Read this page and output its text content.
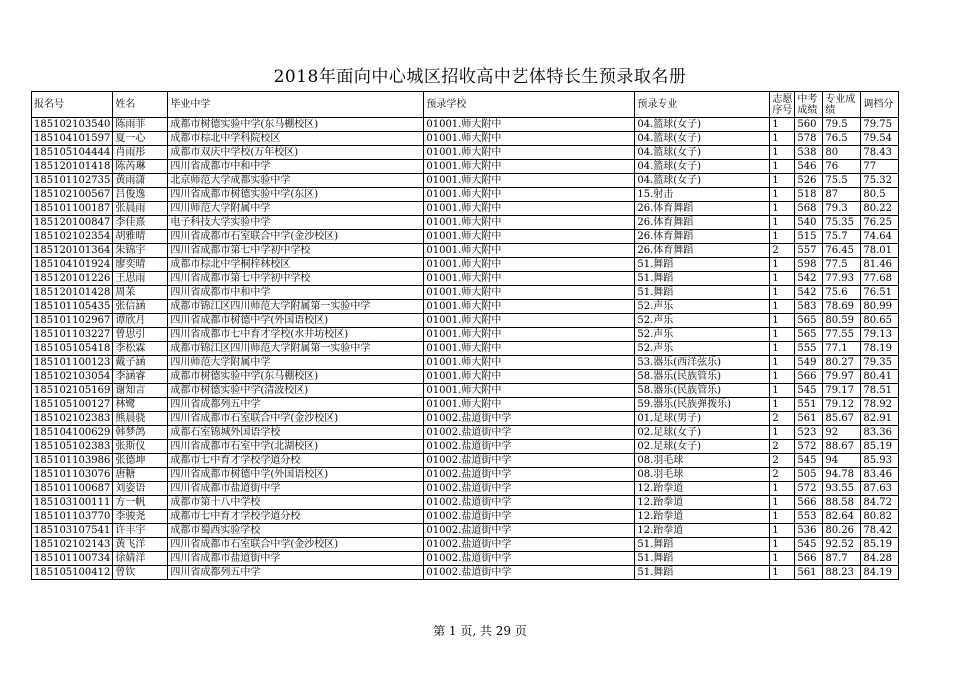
2018年面向中心城区招收高中艺体特长生预录取名册
报名号	姓名	毕业中学	预录学校	预录专业	志愿序号	中考成绩	专业成绩	调档分
185102103540	陈雨菲	成都市树德实验中学(东马棚校区)	01001.师大附中	04.篮球(女子)	1	560	79.5	79.75
185104101597	夏一心	成都市棕北中学科院校区	01001.师大附中	04.篮球(女子)	1	578	76.5	79.54
185105104444	肖雨彤	成都市双庆中学校(万年校区)	01001.师大附中	04.篮球(女子)	1	538	80	78.43
185120101418	陈芮琳	四川省成都市中和中学	01001.师大附中	04.篮球(女子)	1	546	76	77
185101102735	黄雨潇	北京师范大学成都实验中学	01001.师大附中	04.篮球(女子)	1	526	75.5	75.32
185102100567	吕俊逸	四川省成都市树德实验中学(东区)	01001.师大附中	15.射击	1	518	87	80.5
185101100187	张晨雨	四川师范大学附属中学	01001.师大附中	26.体育舞蹈	1	568	79.3	80.22
185120100847	李佳熹	电子科技大学实验中学	01001.师大附中	26.体育舞蹈	1	540	75.35	76.25
185102102354	胡雅晴	四川省成都市石室联合中学(金沙校区)	01001.师大附中	26.体育舞蹈	1	515	75.7	74.64
185120101364	朱锦宇	四川省成都市第七中学初中学校	01001.师大附中	26.体育舞蹈	2	557	76.45	78.01
185104101924	廖奕晴	成都市棕北中学桐梓林校区	01001.师大附中	51.舞蹈	1	598	77.5	81.46
185120101226	王思雨	四川省成都市第七中学初中学校	01001.师大附中	51.舞蹈	1	542	77.93	77.68
185120101428	周苿	四川省成都市中和中学	01001.师大附中	51.舞蹈	1	542	75.6	76.51
185101105435	张信涵	成都市锦江区四川师范大学附属第一实验中学	01001.师大附中	52.声乐	1	583	78.69	80.99
185101102967	谭欣月	四川省成都市树德中学(外国语校区)	01001.师大附中	52.声乐	1	565	80.59	80.65
185101103227	曾思引	四川省成都市七中育才学校(水井坊校区)	01001.师大附中	52.声乐	1	565	77.55	79.13
185105105418	李松霖	成都市锦江区四川师范大学附属第一实验中学	01001.师大附中	52.声乐	1	555	77.1	78.19
185101100123	戴子涵	四川师范大学附属中学	01001.师大附中	53.器乐(西洋弦乐)	1	549	80.27	79.35
185102103054	李涵睿	成都市树德实验中学(东马棚校区)	01001.师大附中	58.器乐(民族管乐)	1	566	79.97	80.41
185102105169	谢知言	成都市树德实验中学(清波校区)	01001.师大附中	58.器乐(民族管乐)	1	545	79.17	78.51
185105100127	林鹭	四川省成都列五中学	01001.师大附中	59.器乐(民族弹拨乐)	1	551	79.12	78.92
185102102383	熊晨骁	四川省成都市石室联合中学(金沙校区)	01002.盐道街中学	01.足球(男子)	2	561	85.67	82.91
185104100629	韩梦鸽	成都石室锦城外国语学校	01002.盐道街中学	02.足球(女子)	1	523	92	83.36
185105102383	张斯仪	四川省成都市石室中学(北湖校区)	01002.盐道街中学	02.足球(女子)	2	572	88.67	85.19
185101103986	张德坤	成都市七中育才学校学道分校	01002.盐道街中学	08.羽毛球	2	545	94	85.93
185101103076	唐糖	四川省成都市树德中学(外国语校区)	01002.盐道街中学	08.羽毛球	2	505	94.78	83.46
185101100687	刘姿语	四川省成都市盐道街中学	01002.盐道街中学	12.跆拳道	1	572	93.55	87.63
185103100111	方一帆	成都市第十八中学校	01002.盐道街中学	12.跆拳道	1	566	88.58	84.72
185101103770	李骏尧	成都市七中育才学校学道分校	01002.盐道街中学	12.跆拳道	1	553	82.64	80.82
185103107541	许丰宇	成都市蜀西实验学校	01002.盐道街中学	12.跆拳道	1	536	80.26	78.42
185102102143	黄飞洋	四川省成都市石室联合中学(金沙校区)	01002.盐道街中学	51.舞蹈	1	545	92.52	85.19
185101100734	徐婧洋	四川省成都市盐道街中学	01002.盐道街中学	51.舞蹈	1	566	87.7	84.28
185105100412	曾钦	四川省成都列五中学	01002.盐道街中学	51.舞蹈	1	561	88.23	84.19
第 1 页, 共 29 页
